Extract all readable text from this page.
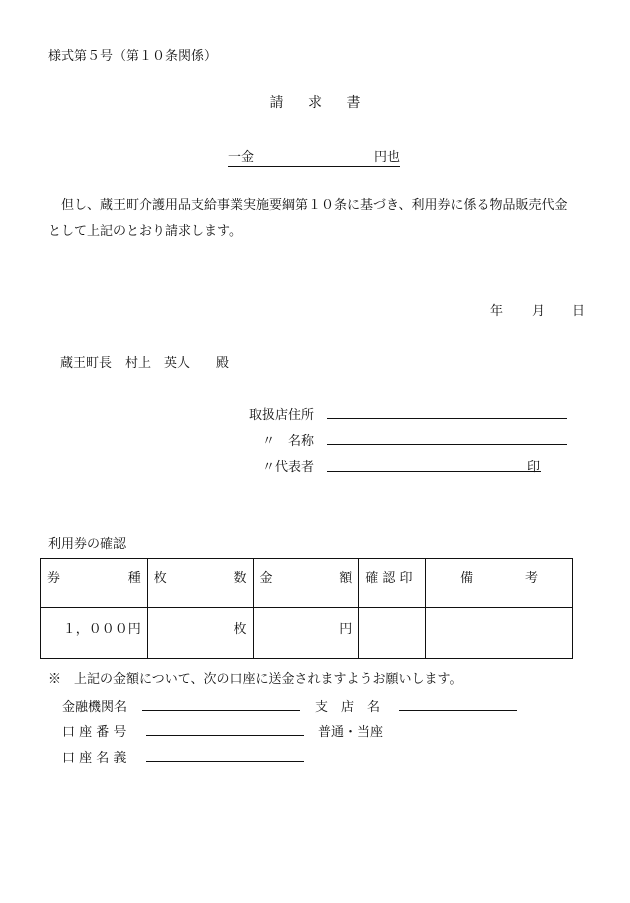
様式第５号（第１０条関係）
請 求 書
一金	円也
但し、蔵王町介護用品支給事業実施要綱第１０条に基づき、利用券に係る物品販売代金
として上記のとおり請求します。
年 月 日
蔵王町長　村上　英人　　殿
取扱店住所
〃　名称
〃代表者	印
利用券の確認
券 種	枚 数	金 額	確 認 印	備 考

１，０００円	枚	円		
※　上記の金額について、次の口座に送金されますようお願いします。
金融機関名	支　店　名
口 座 番 号	普通・当座
口 座 名 義
